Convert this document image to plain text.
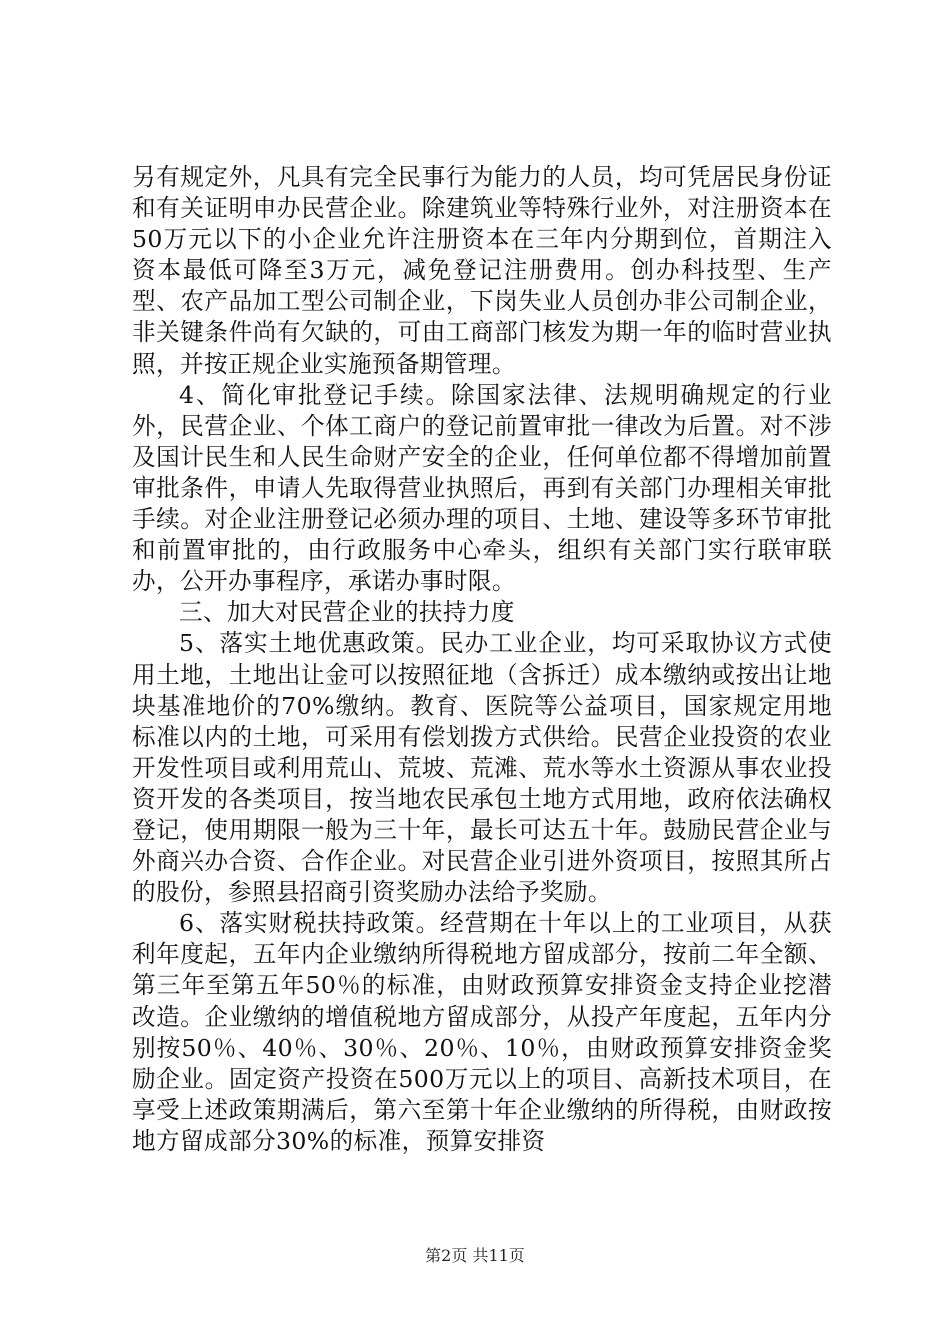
另有规定外，凡具有完全民事行为能力的人员，均可凭居民身份证和有关证明申办民营企业。除建筑业等特殊行业外，对注册资本在50万元以下的小企业允许注册资本在三年内分期到位，首期注入资本最低可降至3万元，减免登记注册费用。创办科技型、生产型、农产品加工型公司制企业，下岗失业人员创办非公司制企业，非关键条件尚有欠缺的，可由工商部门核发为期一年的临时营业执照，并按正规企业实施预备期管理。

4、简化审批登记手续。除国家法律、法规明确规定的行业外，民营企业、个体工商户的登记前置审批一律改为后置。对不涉及国计民生和人民生命财产安全的企业，任何单位都不得增加前置审批条件，申请人先取得营业执照后，再到有关部门办理相关审批手续。对企业注册登记必须办理的项目、土地、建设等多环节审批和前置审批的，由行政服务中心牵头，组织有关部门实行联审联办，公开办事程序，承诺办事时限。

三、加大对民营企业的扶持力度

5、落实土地优惠政策。民办工业企业，均可采取协议方式使用土地，土地出让金可以按照征地（含拆迁）成本缴纳或按出让地块基准地价的70%缴纳。教育、医院等公益项目，国家规定用地标准以内的土地，可采用有偿划拨方式供给。民营企业投资的农业开发性项目或利用荒山、荒坡、荒滩、荒水等水土资源从事农业投资开发的各类项目，按当地农民承包土地方式用地，政府依法确权登记，使用期限一般为三十年，最长可达五十年。鼓励民营企业与外商兴办合资、合作企业。对民营企业引进外资项目，按照其所占的股份，参照县招商引资奖励办法给予奖励。

6、落实财税扶持政策。经营期在十年以上的工业项目，从获利年度起，五年内企业缴纳所得税地方留成部分，按前二年全额、第三年至第五年50％的标准，由财政预算安排资金支持企业挖潜改造。企业缴纳的增值税地方留成部分，从投产年度起，五年内分别按50％、40％、30％、20％、10％，由财政预算安排资金奖励企业。固定资产投资在500万元以上的项目、高新技术项目，在享受上述政策期满后，第六至第十年企业缴纳的所得税，由财政按地方留成部分30%的标准，预算安排资

第2页 共11页
